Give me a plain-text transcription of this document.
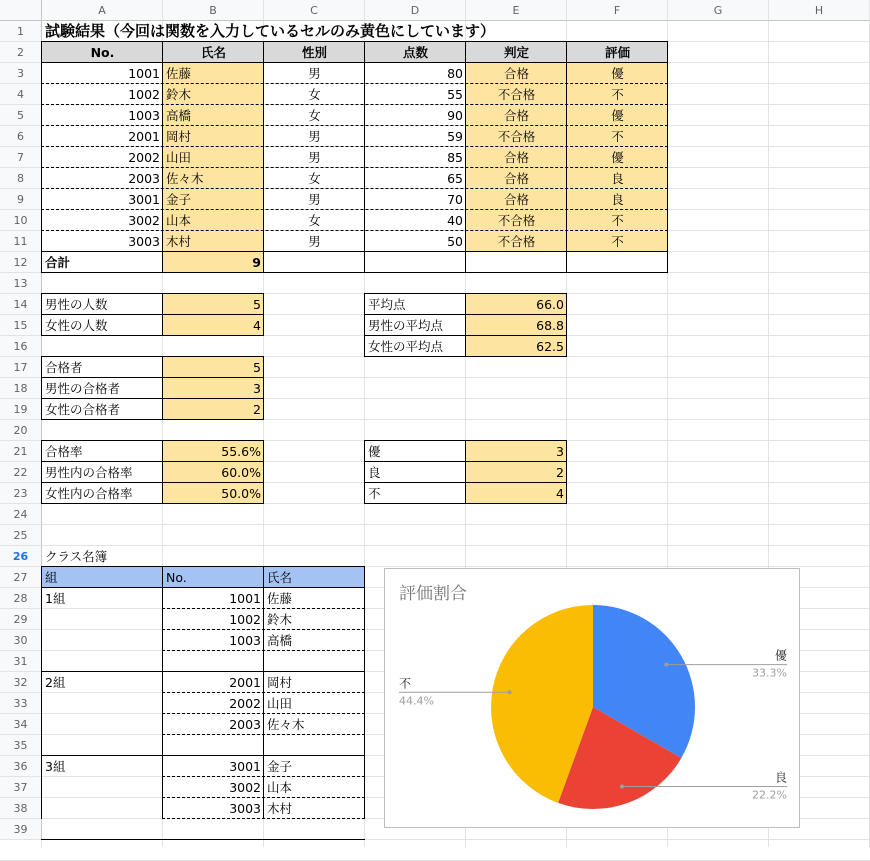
A	B	C	D	E	F	G	H
1
2
3
4
5
6
7
8
9
10
11
12
13
14
15
16
17
18
19
20
21
22
23
24
25
26
27
28
29
30
31
32
33
34
35
36
37
38
39
試験結果（今回は関数を入力しているセルのみ黄色にしています）
No.	氏名	性別	点数	判定	評価
1001 佐藤	男	80	合格	優
1002 鈴木	女	55	不合格	不
1003 高橋	女	90	合格	優
2001 岡村	男	59	不合格	不
2002 山田	男	85	合格	優
2003 佐々木	女	65	合格	良
3001 金子	男	70	合格	良
3002 山本	女	40	不合格	不
3003 木村	男	50	不合格	不
合計	9
男性の人数	5
女性の人数	4
平均点	66.0
男性の平均点	68.8
女性の平均点	62.5
合格者	5
男性の合格者	3
女性の合格者	2
合格率	55.6%
男性内の合格率	60.0%
女性内の合格率	50.0%
優	3
良	2
不	4
クラス名簿
組	No.	氏名
1組	1001 佐藤
1002 鈴木
1003 高橋
2組	2001 岡村
2002 山田
2003 佐々木
3組	3001 金子
3002 山本
3003 木村
評価割合
優
33.3%
良
22.2%
不
44.4%
